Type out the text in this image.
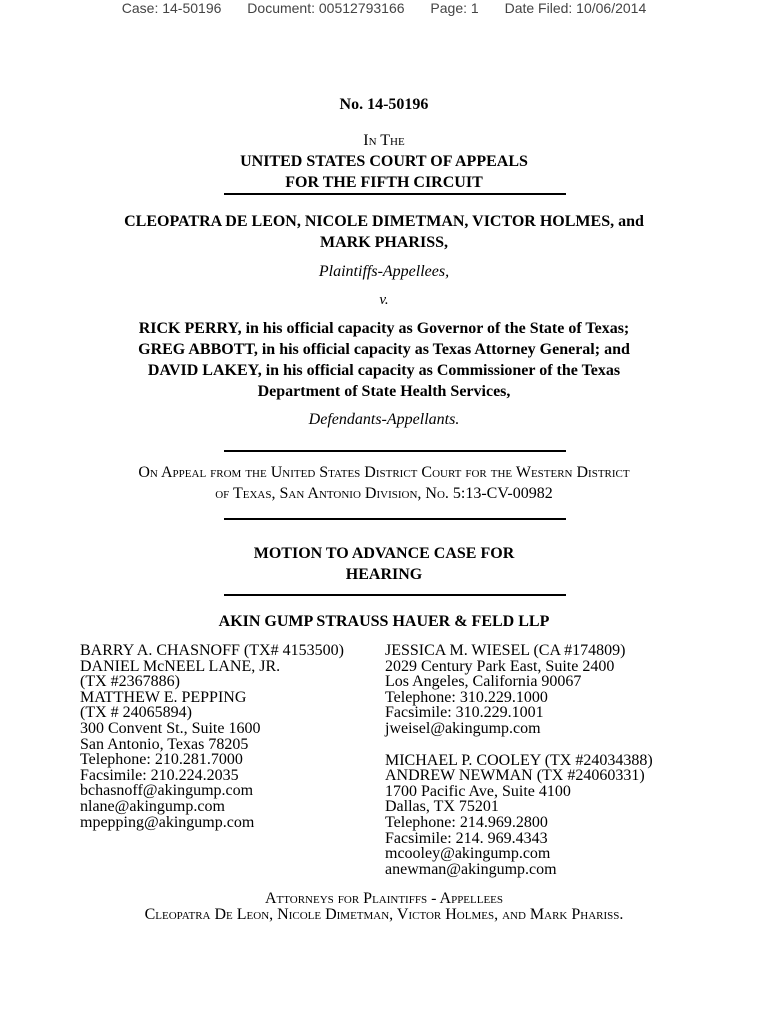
Case: 14-50196 Document: 00512793166 Page: 1 Date Filed: 10/06/2014
No. 14-50196
In The
UNITED STATES COURT OF APPEALS
FOR THE FIFTH CIRCUIT
CLEOPATRA DE LEON, NICOLE DIMETMAN, VICTOR HOLMES, and
MARK PHARISS,
Plaintiffs-Appellees,
v.
RICK PERRY, in his official capacity as Governor of the State of Texas;
GREG ABBOTT, in his official capacity as Texas Attorney General; and
DAVID LAKEY, in his official capacity as Commissioner of the Texas
Department of State Health Services,
Defendants-Appellants.
On Appeal from the United States District Court for the Western District
of Texas, San Antonio Division, No. 5:13-CV-00982
MOTION TO ADVANCE CASE FOR
HEARING
AKIN GUMP STRAUSS HAUER & FELD LLP
BARRY A. CHASNOFF (TX# 4153500)
DANIEL McNEEL LANE, JR.
(TX #2367886)
MATTHEW E. PEPPING
(TX # 24065894)
300 Convent St., Suite 1600
San Antonio, Texas 78205
Telephone: 210.281.7000
Facsimile: 210.224.2035
bchasnoff@akingump.com
nlane@akingump.com
mpepping@akingump.com
JESSICA M. WIESEL (CA #174809)
2029 Century Park East, Suite 2400
Los Angeles, California 90067
Telephone: 310.229.1000
Facsimile: 310.229.1001
jweisel@akingump.com
MICHAEL P. COOLEY (TX #24034388)
ANDREW NEWMAN (TX #24060331)
1700 Pacific Ave, Suite 4100
Dallas, TX 75201
Telephone: 214.969.2800
Facsimile: 214. 969.4343
mcooley@akingump.com
anewman@akingump.com
Attorneys for Plaintiffs - Appellees
Cleopatra De Leon, Nicole Dimetman, Victor Holmes, and Mark Phariss.
